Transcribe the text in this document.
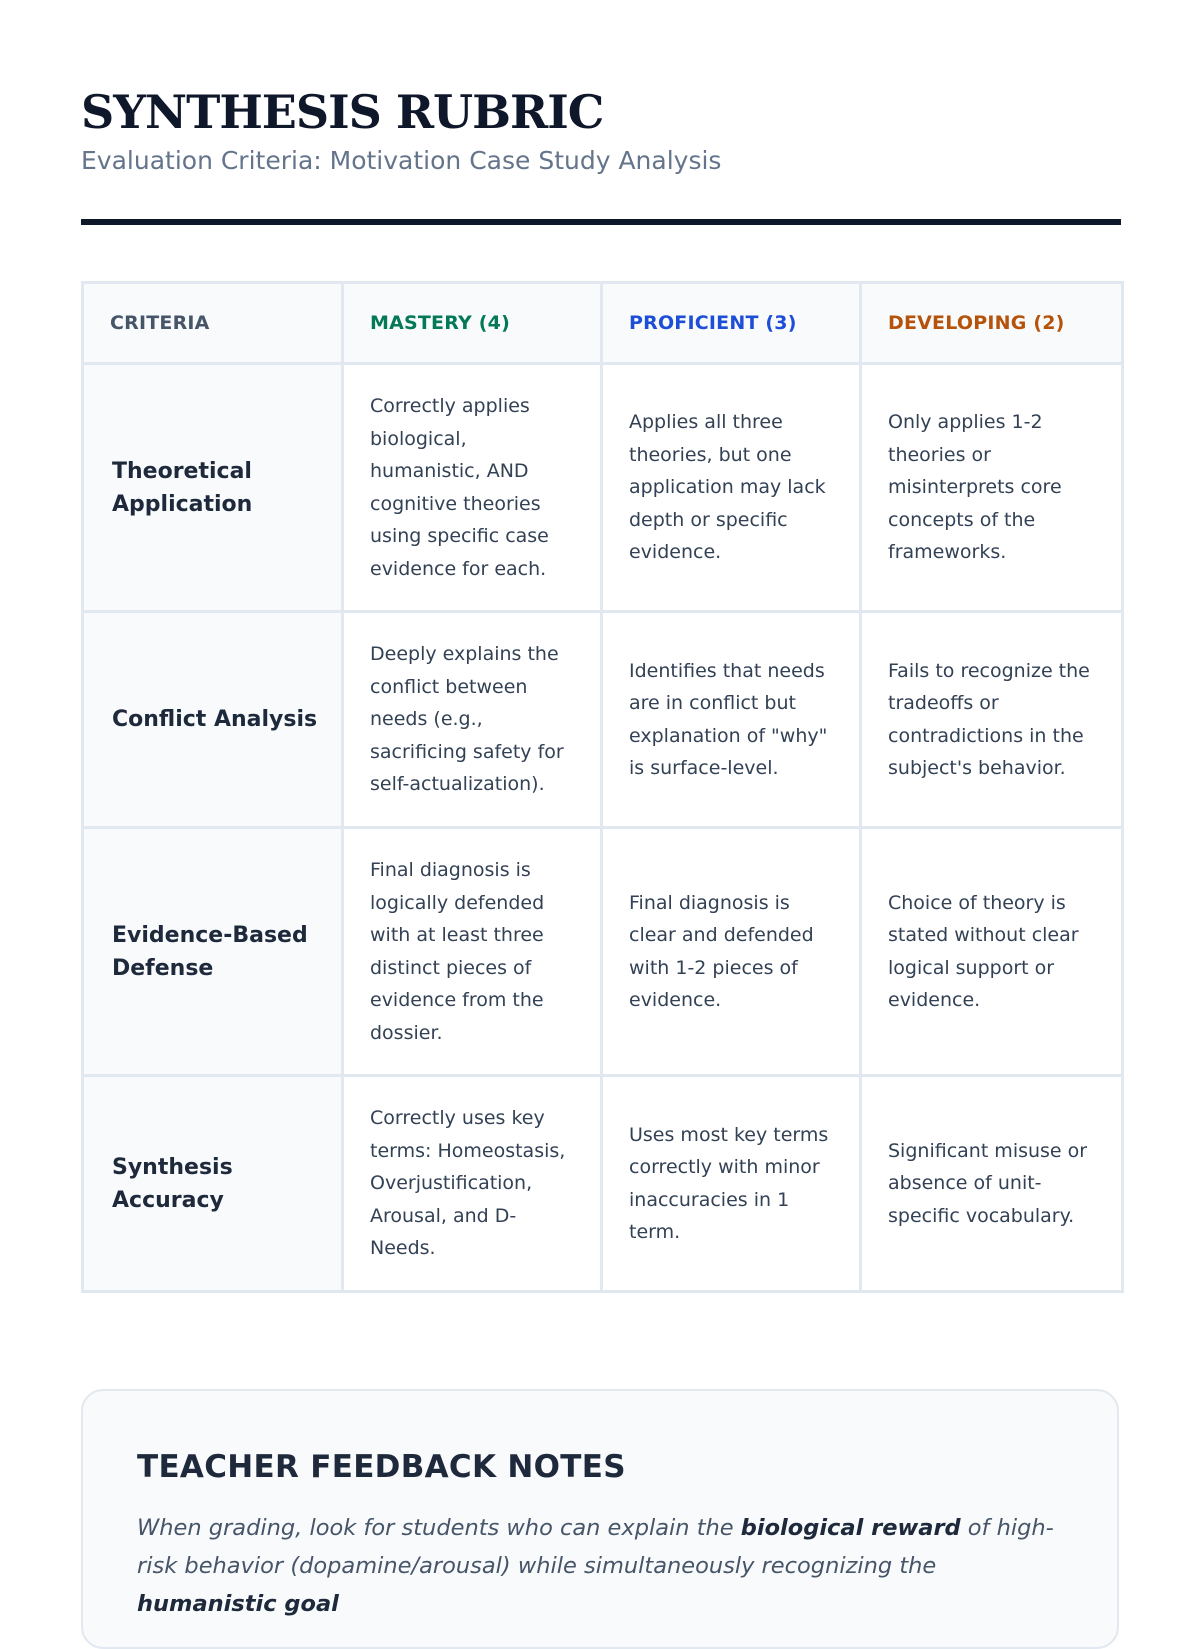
SYNTHESIS RUBRIC

Evaluation Criteria: Motivation Case Study Analysis

CRITERIA	MASTERY (4)	PROFICIENT (3)	DEVELOPING (2)
Theoretical Application	Correctly applies biological, humanistic, AND cognitive theories using specific case evidence for each.	Applies all three theories, but one application may lack depth or specific evidence.	Only applies 1-2 theories or misinterprets core concepts of the frameworks.
Conflict Analysis	Deeply explains the conflict between needs (e.g., sacrificing safety for self-actualization).	Identifies that needs are in conflict but explanation of "why" is surface-level.	Fails to recognize the tradeoffs or contradictions in the subject's behavior.
Evidence-Based Defense	Final diagnosis is logically defended with at least three distinct pieces of evidence from the dossier.	Final diagnosis is clear and defended with 1-2 pieces of evidence.	Choice of theory is stated without clear logical support or evidence.
Synthesis Accuracy	Correctly uses key terms: Homeostasis, Overjustification, Arousal, and D-Needs.	Uses most key terms correctly with minor inaccuracies in 1 term.	Significant misuse or absence of unit-specific vocabulary.
TEACHER FEEDBACK NOTES

When grading, look for students who can explain the biological reward of high-risk behavior (dopamine/arousal) while simultaneously recognizing the humanistic goal
